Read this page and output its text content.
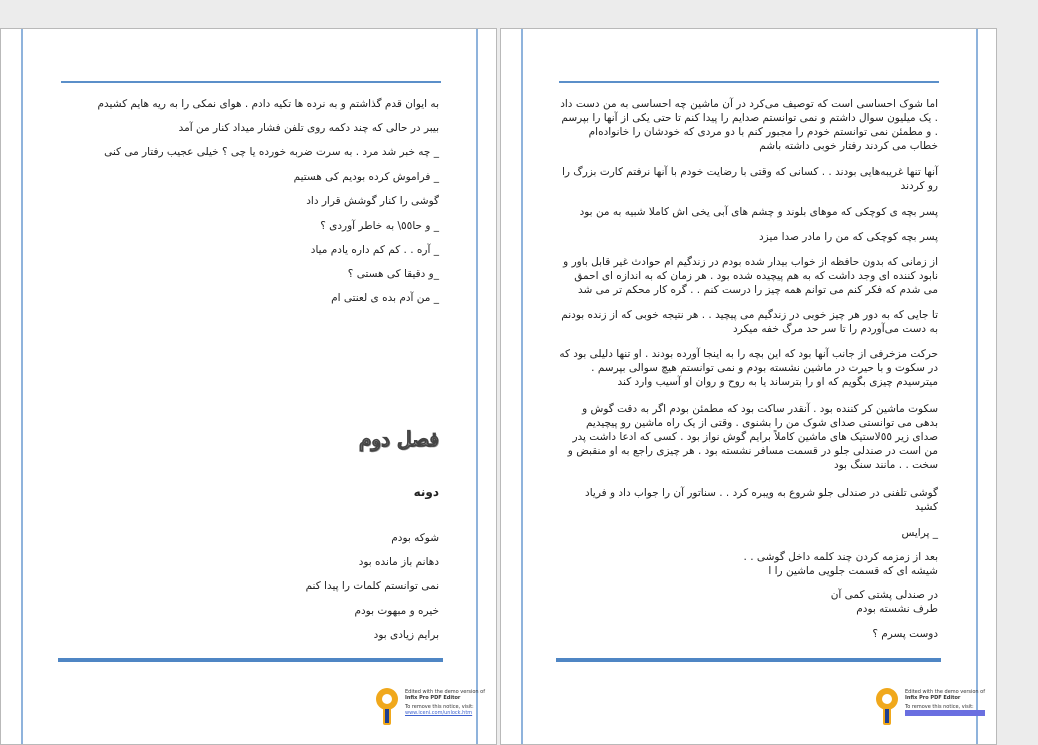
به ایوان قدم گذاشتم و به نرده ها تکیه دادم . هوای نمکی را به ریه هایم کشیدم
بیبر در حالی که چند دکمه روی تلفن فشار میداد کنار من آمد
_ چه خبر شد مرد . به سرت ضربه خورده یا چی ؟ خیلی عجیب رفتار می کنی
_ فراموش کرده بودیم کی هستیم
گوشی را کنار گوشش قرار داد
_ و حا٥٥\ به خاطر آوردی ؟
_ آره . . کم کم داره یادم میاد
_و دقیقا کی هستی ؟
_ من آدم بده ی لعنتی ام
فصل دوم
دونه
شوکه بودم
دهانم باز مانده بود
نمی توانستم کلمات را پیدا کنم
خیره و مبهوت بودم
برایم زیادی بود
Edited with the demo version of
Infix Pro PDF Editor
To remove this notice, visit:
www.iceni.com/unlock.htm
اما شوک احساسی است که توصیف می‌کرد در آن ماشین چه احساسی به من دست داد . یک میلیون سوال داشتم و نمی توانستم صدایم را پیدا کنم تا حتی یکی از آنها را بپرسم . و مطمئن نمی توانستم خودم را مجبور کنم با دو مردی که خودشان را خانواده‌ام خطاب می کردند رفتار خوبی داشته باشم
آنها تنها غریبه‌هایی بودند . . کسانی که وقتی با رضایت خودم با آنها نرفتم کارت بزرگ را رو کردند
پسر بچه ی کوچکی که موهای بلوند و چشم های آبی یخی اش کاملا شبیه به من بود
پسر بچه کوچکی که من را مادر صدا میزد
از زمانی که بدون حافظه از خواب بیدار شده بودم در زندگیم ام حوادث غیر قابل باور و نابود کننده ای وجد داشت که به هم پیچیده شده بود . هر زمان که به اندازه ای احمق می شدم که فکر کنم می توانم همه چیز را درست کنم . . گره کار محکم تر می شد
تا جایی که به دور هر چیز خوبی در زندگیم می پیچید . . هر نتیجه خوبی که از زنده بودنم به دست می‌آوردم را تا سر حد مرگ خفه میکرد
حرکت مزخرفی از جانب آنها بود که این بچه را به اینجا آورده بودند . او تنها دلیلی بود که در سکوت و با حیرت در ماشین نشسته بودم و نمی توانستم هیچ سوالی بپرسم . میترسیدم چیزی بگویم که او را بترساند یا به روح و روان او آسیب وارد کند
سکوت ماشین کر کننده بود . آنقدر ساکت بود که مطمئن بودم اگر به دقت گوش و بدهی می توانستی صدای شوک من را بشنوی . وقتی از یک راه ماشین رو پیچیدیم صدای زیر ٥٥لاستیک های ماشین کاملاً برایم گوش نواز بود . کسی که ادعا داشت پدر من است در صندلی جلو در قسمت مسافر نشسته بود . هر چیزی راجع به او منقبض و سخت . . مانند سنگ بود
گوشی تلفنی در صندلی جلو شروع به ویبره کرد . . سناتور آن را جواب داد و فریاد کشید
_ پرایس
بعد از زمزمه کردن چند کلمه داخل گوشی . . شیشه ای که قسمت جلویی ماشین را ا
در صندلی پشتی کمی آن طرف نشسته بودم
دوست پسرم ؟
Edited with the demo version of
Infix Pro PDF Editor
To remove this notice, visit:
www.iceni.com/unlock.htm
